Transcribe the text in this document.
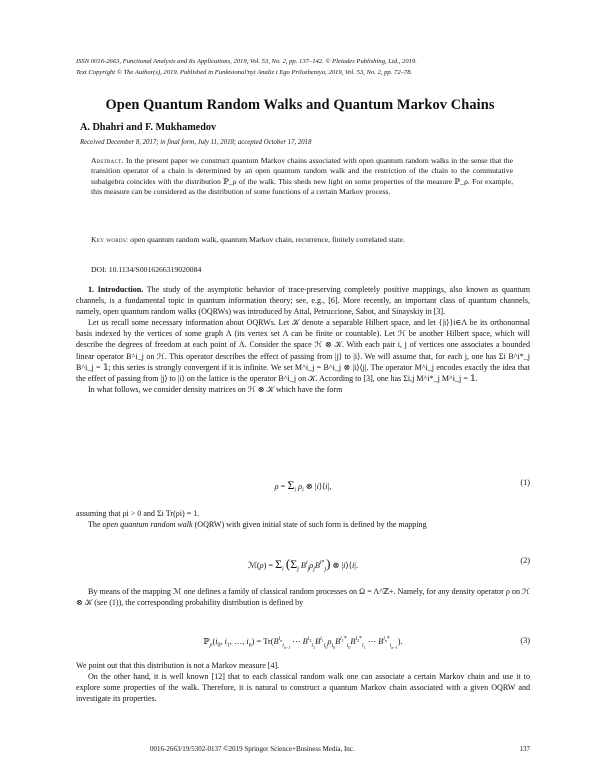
ISSN 0016-2663, Functional Analysis and Its Applications, 2019, Vol. 53, No. 2, pp. 137–142. © Pleiades Publishing, Ltd., 2019.
Text Copyright © The Author(s), 2019. Published in Funktsional'nyi Analiz i Ego Prilozheniya, 2019, Vol. 53, No. 2, pp. 72–78.
Open Quantum Random Walks and Quantum Markov Chains
A. Dhahri and F. Mukhamedov
Received December 8, 2017; in final form, July 11, 2018; accepted October 17, 2018
Abstract. In the present paper we construct quantum Markov chains associated with open quantum random walks in the sense that the transition operator of a chain is determined by an open quantum random walk and the restriction of the chain to the commutative subalgebra coincides with the distribution ℙ_ρ of the walk. This sheds new light on some properties of the measure ℙ_ρ. For example, this measure can be considered as the distribution of some functions of a certain Markov process.
Key words: open quantum random walk, quantum Markov chain, recurrence, finitely correlated state.
DOI: 10.1134/S0016266319020084

1. Introduction. The study of the asymptotic behavior of trace-preserving completely positive mappings, also known as quantum channels, is a fundamental topic in quantum information theory; see, e.g., [6]. More recently, an important class of quantum channels, namely, open quantum random walks (OQRWs) was introduced by Attal, Petruccione, Sabot, and Sinayskiy in [3].

Let us recall some necessary information about OQRWs. Let 𝒦 denote a separable Hilbert space, and let {|i⟩}i∈Λ be its orthonormal basis indexed by the vertices of some graph Λ (its vertex set Λ can be finite or countable). Let ℋ be another Hilbert space, which will describe the degrees of freedom at each point of Λ. Consider the space ℋ ⊗ 𝒦. With each pair i, j of vertices one associates a bounded linear operator B^i_j on ℋ. This operator describes the effect of passing from |j⟩ to |i⟩. We will assume that, for each j, one has Σi B^i*_j B^i_j = 𝟙; this series is strongly convergent if it is infinite. We set M^i_j = B^i_j ⊗ |i⟩⟨j|. The operator M^i_j encodes exactly the idea that the effect of passing from |j⟩ to |i⟩ on the lattice is the operator B^i_j on 𝒦. According to [3], one has Σi,j M^i*_j M^i_j = 𝟙.

In what follows, we consider density matrices on ℋ ⊗ 𝒦 which have the form

$\rho = \Sigma_i$ $\rho_i$ ⊗ |i⟩⟨i|,	(1)

assuming that ρi > 0 and Σi Tr(ρi) = 1.

The open quantum random walk (OQRW) with given initial state of such form is defined by the mapping

ℳ(ρ) = $\Sigma_i$ ($\Sigma_j$ $B^i_j\rho_jB^{i*}_j$) ⊗ |i⟩⟨i|.
(2)

By means of the mapping ℳ one defines a family of classical random processes on Ω = Λ^ℤ+. Namely, for any density operator ρ on ℋ ⊗ 𝒦 (see (1)), the corresponding probability distribution is defined by

$ℙ_\rho(i_0$, $i_1$, …, $i_n) = Tr(B^{i_n}_{i_{n-1}}$ ⋯ $B^{i_2}_{i_1}B^{i_1}_{i_0}\rho_{i_0}B^{i_1*}_{i_0}B^{i_2*}_{i_1}$ ⋯ $B^{i_n*}_{i_{n-1}}$).	(3)

We point out that this distribution is not a Markov measure [4].

On the other hand, it is well known [12] that to each classical random walk one can associate a certain Markov chain and use it to explore some properties of the walk. Therefore, it is natural to construct a quantum Markov chain associated with a given OQRW and investigate its properties.

0016-2663/19/5302-0137 ©2019 Springer Science+Business Media, Inc.	137
